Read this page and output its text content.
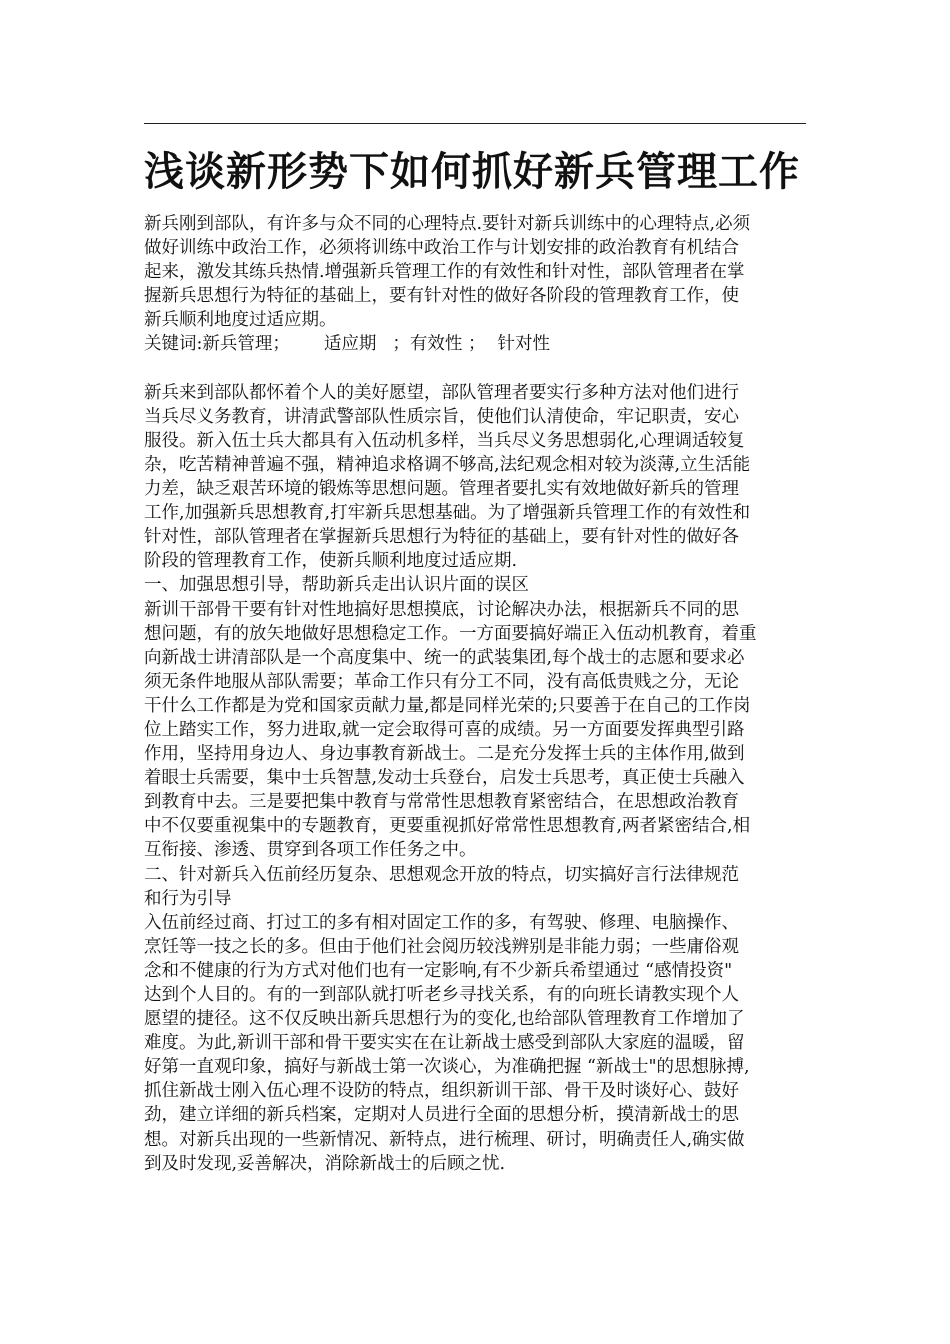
浅谈新形势下如何抓好新兵管理工作
新兵刚到部队，有许多与众不同的心理特点.要针对新兵训练中的心理特点,必须
做好训练中政治工作，必须将训练中政治工作与计划安排的政治教育有机结合
起来，激发其练兵热情.增强新兵管理工作的有效性和针对性，部队管理者在掌
握新兵思想行为特征的基础上，要有针对性的做好各阶段的管理教育工作，使
新兵顺利地度过适应期。
关键词:新兵管理； 适应期 ；有效性 ； 针对性
新兵来到部队都怀着个人的美好愿望，部队管理者要实行多种方法对他们进行
当兵尽义务教育，讲清武警部队性质宗旨，使他们认清使命，牢记职责，安心
服役。新入伍士兵大都具有入伍动机多样，当兵尽义务思想弱化,心理调适较复
杂，吃苦精神普遍不强，精神追求格调不够高,法纪观念相对较为淡薄,立生活能
力差，缺乏艰苦环境的锻炼等思想问题。管理者要扎实有效地做好新兵的管理
工作,加强新兵思想教育,打牢新兵思想基础。为了增强新兵管理工作的有效性和
针对性，部队管理者在掌握新兵思想行为特征的基础上，要有针对性的做好各
阶段的管理教育工作，使新兵顺利地度过适应期.
一、加强思想引导，帮助新兵走出认识片面的误区
新训干部骨干要有针对性地搞好思想摸底，讨论解决办法，根据新兵不同的思
想问题，有的放矢地做好思想稳定工作。一方面要搞好端正入伍动机教育，着重
向新战士讲清部队是一个高度集中、统一的武装集团,每个战士的志愿和要求必
须无条件地服从部队需要；革命工作只有分工不同，没有高低贵贱之分，无论
干什么工作都是为党和国家贡献力量,都是同样光荣的;只要善于在自己的工作岗
位上踏实工作，努力进取,就一定会取得可喜的成绩。另一方面要发挥典型引路
作用，坚持用身边人、身边事教育新战士。二是充分发挥士兵的主体作用,做到
着眼士兵需要，集中士兵智慧,发动士兵登台，启发士兵思考，真正使士兵融入
到教育中去。三是要把集中教育与常常性思想教育紧密结合，在思想政治教育
中不仅要重视集中的专题教育，更要重视抓好常常性思想教育,两者紧密结合,相
互衔接、渗透、贯穿到各项工作任务之中。
二、针对新兵入伍前经历复杂、思想观念开放的特点，切实搞好言行法律规范
和行为引导
入伍前经过商、打过工的多有相对固定工作的多，有驾驶、修理、电脑操作、
烹饪等一技之长的多。但由于他们社会阅历较浅辨别是非能力弱；一些庸俗观
念和不健康的行为方式对他们也有一定影响,有不少新兵希望通过 “感情投资"
达到个人目的。有的一到部队就打听老乡寻找关系，有的向班长请教实现个人
愿望的捷径。这不仅反映出新兵思想行为的变化,也给部队管理教育工作增加了
难度。为此,新训干部和骨干要实实在在让新战士感受到部队大家庭的温暖，留
好第一直观印象，搞好与新战士第一次谈心，为准确把握 “新战士"的思想脉搏,
抓住新战士刚入伍心理不设防的特点，组织新训干部、骨干及时谈好心、鼓好
劲，建立详细的新兵档案，定期对人员进行全面的思想分析，摸清新战士的思
想。对新兵出现的一些新情况、新特点，进行梳理、研讨，明确责任人,确实做
到及时发现,妥善解决，消除新战士的后顾之忧.
